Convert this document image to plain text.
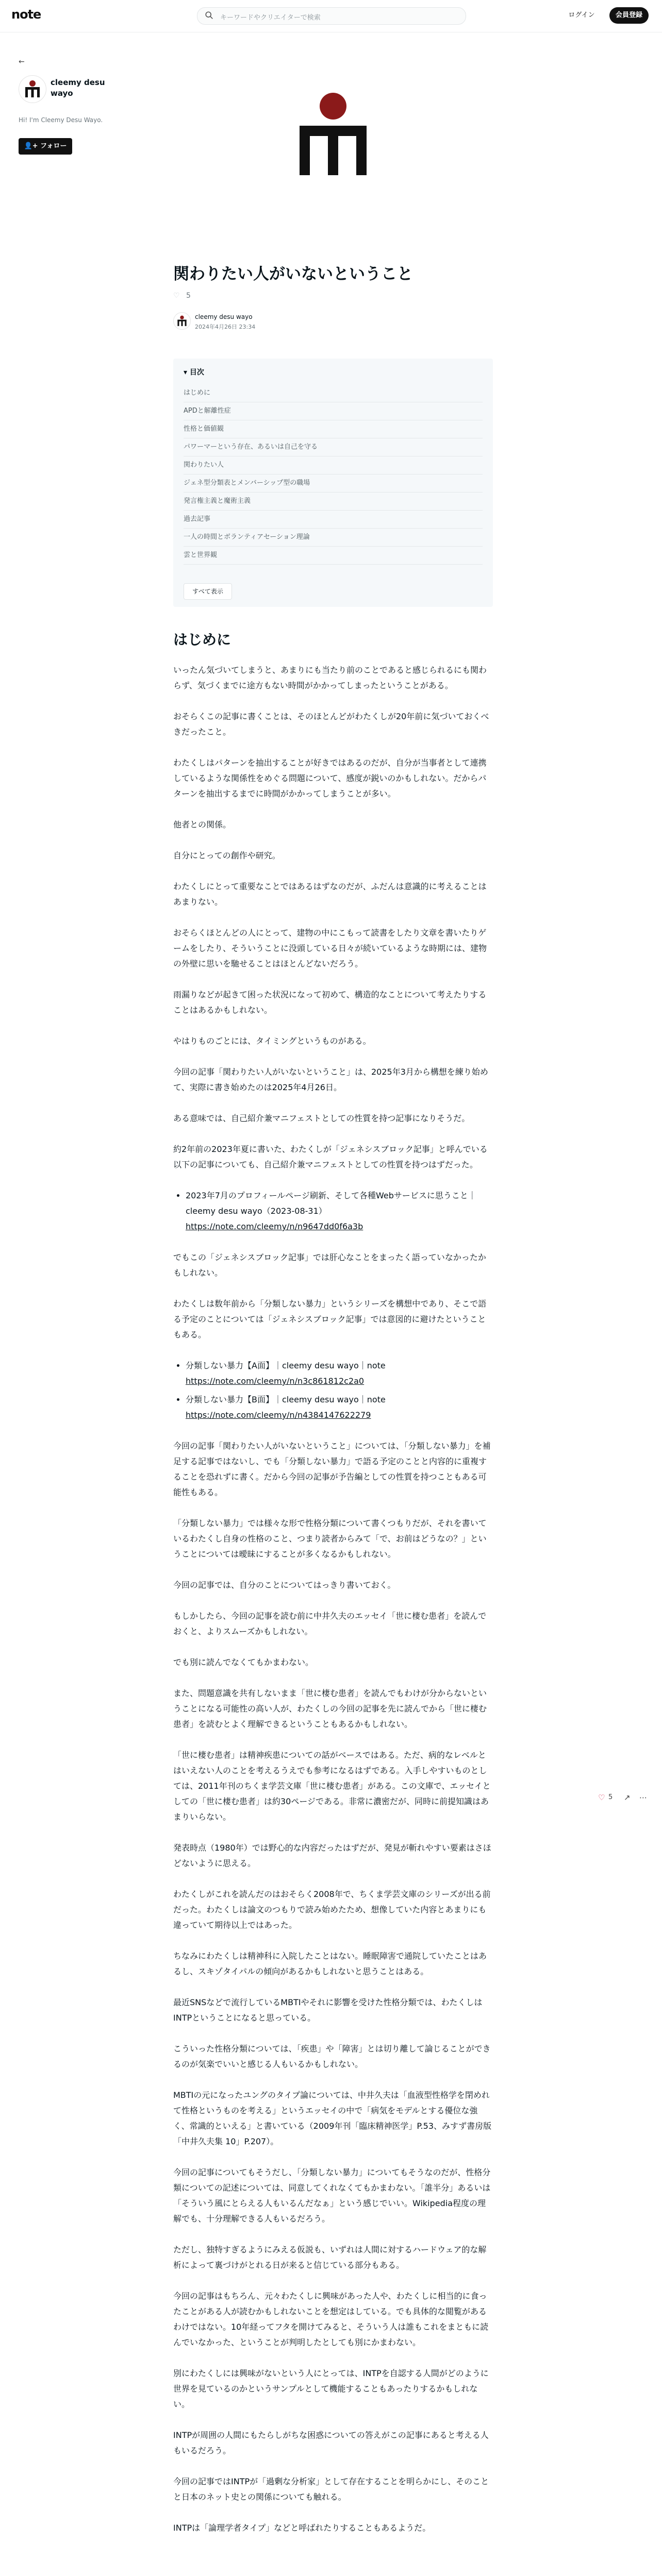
note	キーワードやクリエイターで検索	ログイン	会員登録
←
cleemy desu wayo
Hi! I'm Cleemy Desu Wayo.
👤+ フォロー
関わりたい人がいないということ
♡ 5
cleemy desu wayo
2024年4月26日 23:34
▾ 目次
はじめに
APDと解離性症
性格と価値観
パワーマーという存在、あるいは自己を守る
関わりたい人
ジェネ型分類表とメンバーシップ型の職場
発言権主義と魔術主義
過去記事
一人の時間とボランティアセーション理論
雲と世界観
すべて表示
はじめに

いったん気づいてしまうと、あまりにも当たり前のことであると感じられるにも関わらず、気づくまでに途方もない時間がかかってしまったということがある。

おそらくこの記事に書くことは、そのほとんどがわたくしが20年前に気づいておくべきだったこと。

わたくしはパターンを抽出することが好きではあるのだが、自分が当事者として連携しているような関係性をめぐる問題について、感度が鋭いのかもしれない。だからパターンを抽出するまでに時間がかかってしまうことが多い。

他者との関係。

自分にとっての創作や研究。

わたくしにとって重要なことではあるはずなのだが、ふだんは意識的に考えることはあまりない。

おそらくほとんどの人にとって、建物の中にこもって読書をしたり文章を書いたりゲームをしたり、そういうことに没頭している日々が続いているような時期には、建物の外壁に思いを馳せることはほとんどないだろう。

雨漏りなどが起きて困った状況になって初めて、構造的なことについて考えたりすることはあるかもしれない。

やはりものごとには、タイミングというものがある。

今回の記事「関わりたい人がいないということ」は、2025年3月から構想を練り始めて、実際に書き始めたのは2025年4月26日。

ある意味では、自己紹介兼マニフェストとしての性質を持つ記事になりそうだ。

約2年前の2023年夏に書いた、わたくしが「ジェネシスブロック記事」と呼んでいる以下の記事についても、自己紹介兼マニフェストとしての性質を持つはずだった。

• 2023年7月のプロフィールページ刷新、そして各種Webサービスに思うこと｜cleemy desu wayo（2023-08-31）
https://note.com/cleemy/n/n9647dd0f6a3b

でもこの「ジェネシスブロック記事」では肝心なことをまったく語っていなかったかもしれない。

わたくしは数年前から「分類しない暴力」というシリーズを構想中であり、そこで語る予定のことについては「ジェネシスブロック記事」では意図的に避けたということもある。

• 分類しない暴力【A面】｜cleemy desu wayo｜note
https://note.com/cleemy/n/n3c861812c2a0
• 分類しない暴力【B面】｜cleemy desu wayo｜note
https://note.com/cleemy/n/n4384147622279

今回の記事「関わりたい人がいないということ」については、「分類しない暴力」を補足する記事ではないし、でも「分類しない暴力」で語る予定のことと内容的に重複することを恐れずに書く。だから今回の記事が予告編としての性質を持つこともある可能性もある。

「分類しない暴力」では様々な形で性格分類について書くつもりだが、それを書いているわたくし自身の性格のこと、つまり読者からみて「で、お前はどうなの？」ということについては曖昧にすることが多くなるかもしれない。

今回の記事では、自分のことについてはっきり書いておく。

もしかしたら、今回の記事を読む前に中井久夫のエッセイ「世に棲む患者」を読んでおくと、よりスムーズかもしれない。

でも別に読んでなくてもかまわない。

また、問題意識を共有しないまま「世に棲む患者」を読んでもわけが分からないということになる可能性の高い人が、わたくしの今回の記事を先に読んでから「世に棲む患者」を読むとよく理解できるということもあるかもしれない。

「世に棲む患者」は精神疾患についての話がベースではある。ただ、病的なレベルとはいえない人のことを考えるうえでも参考になるはずである。入手しやすいものとしては、2011年刊のちくま学芸文庫「世に棲む患者」がある。この文庫で、エッセイとしての「世に棲む患者」は約30ページである。非常に濃密だが、同時に前提知識はあまりいらない。

発表時点（1980年）では野心的な内容だったはずだが、発見が斬れやすい要素はさほどないように思える。

わたくしがこれを読んだのはおそらく2008年で、ちくま学芸文庫のシリーズが出る前だった。わたくしは論文のつもりで読み始めたため、想像していた内容とあまりにも違っていて期待以上ではあった。

ちなみにわたくしは精神科に入院したことはない。睡眠障害で通院していたことはあるし、スキゾタイパルの傾向があるかもしれないと思うことはある。

最近SNSなどで流行しているMBTIやそれに影響を受けた性格分類では、わたくしはINTPということになると思っている。

こういった性格分類については、「疾患」や「障害」とは切り離して論じることができるのが気楽でいいと感じる人もいるかもしれない。

MBTIの元になったユングのタイプ論については、中井久夫は「血液型性格学を閉めれて性格というものを考える」というエッセイの中で「病気をモデルとする優位な強く、常識的といえる」と書いている（2009年刊「臨床精神医学」P.53、みすず書房版「中井久夫集 10」P.207）。

今回の記事についてもそうだし、「分類しない暴力」についてもそうなのだが、性格分類についての記述については、同意してくれなくてもかまわない。「誰半分」あるいは「そういう風にとらえる人もいるんだなぁ」という感じでいい。Wikipedia程度の理解でも、十分理解できる人もいるだろう。

ただし、独特すぎるようにみえる仮説も、いずれは人間に対するハードウェア的な解析によって裏づけがとれる日が来ると信じている部分もある。

今回の記事はもちろん、元々わたくしに興味があった人や、わたくしに相当的に食ったことがある人が読むかもしれないことを想定はしている。でも具体的な閲覧があるわけではない。10年経ってフタを開けてみると、そういう人は誰もこれをまともに読んでいなかった、ということが判明したとしても別にかまわない。

別にわたくしには興味がないという人にとっては、INTPを自認する人間がどのように世界を見ているのかというサンプルとして機能することもあったりするかもしれない。

INTPが周囲の人間にもたらしがちな困惑についての答えがこの記事にあると考える人もいるだろう。

今回の記事ではINTPが「過剰な分析家」として存在することを明らかにし、そのことと日本のネット史との関係についても触れる。

INTPは「論理学者タイプ」などと呼ばれたりすることもあるようだ。

♡ 5 ↗ ⋯
